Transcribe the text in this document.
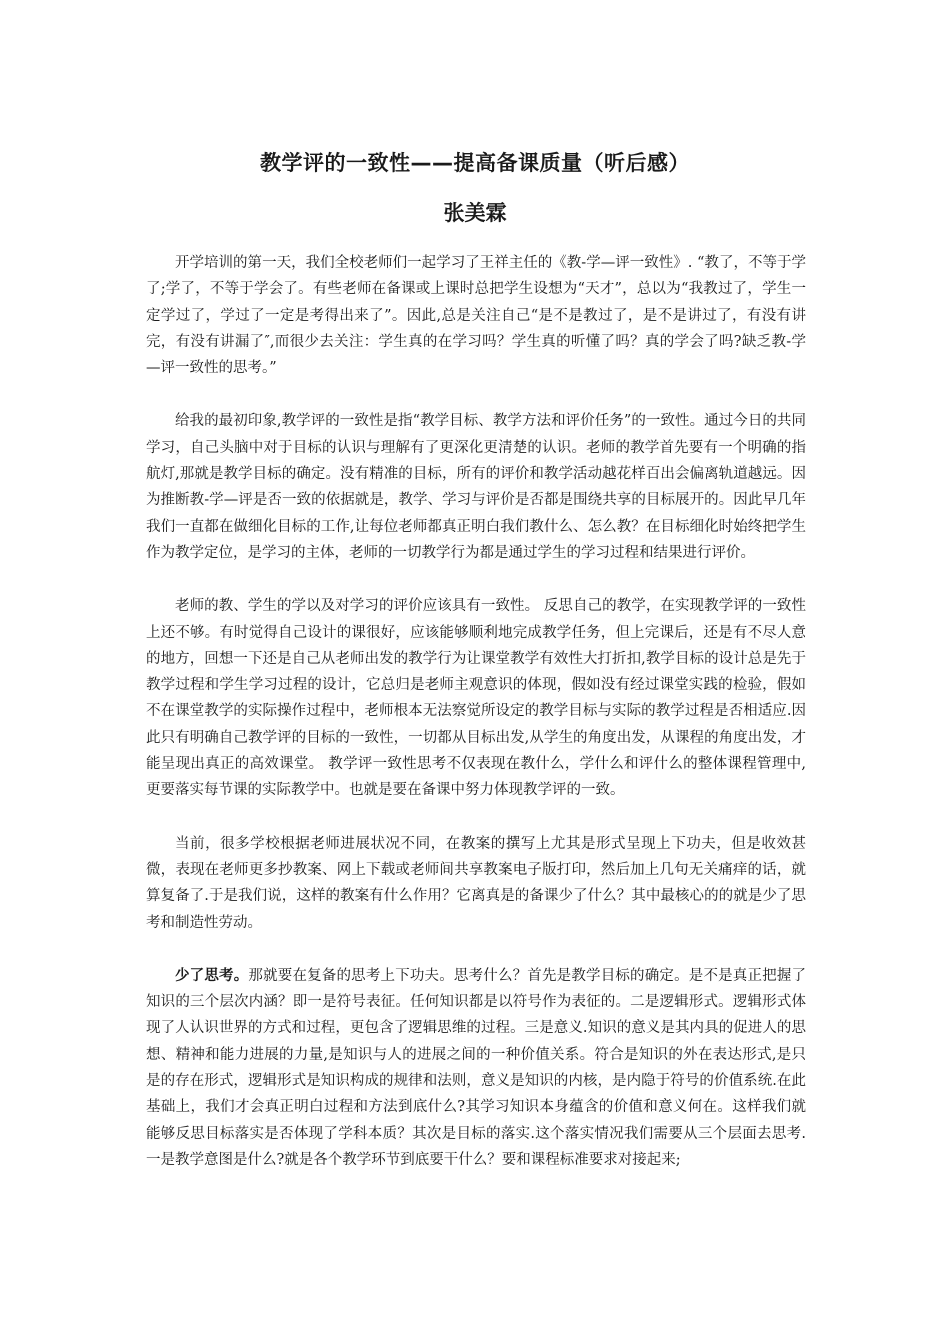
教学评的一致性——提高备课质量（听后感）
张美霖

开学培训的第一天，我们全校老师们一起学习了王祥主任的《教-学—评一致性》. “教了，不等于学了;学了，不等于学会了。有些老师在备课或上课时总把学生设想为“天才”，总以为“我教过了，学生一定学过了，学过了一定是考得出来了”。因此,总是关注自己“是不是教过了，是不是讲过了，有没有讲完，有没有讲漏了″,而很少去关注：学生真的在学习吗？学生真的听懂了吗？真的学会了吗?缺乏教-学—评一致性的思考。”

给我的最初印象,教学评的一致性是指“教学目标、教学方法和评价任务”的一致性。通过今日的共同学习，自己头脑中对于目标的认识与理解有了更深化更清楚的认识。老师的教学首先要有一个明确的指航灯,那就是教学目标的确定。没有精准的目标，所有的评价和教学活动越花样百出会偏离轨道越远。因为推断教-学—评是否一致的依据就是，教学、学习与评价是否都是围绕共享的目标展开的。因此早几年我们一直都在做细化目标的工作,让每位老师都真正明白我们教什么、怎么教？在目标细化时始终把学生作为教学定位，是学习的主体，老师的一切教学行为都是通过学生的学习过程和结果进行评价。

老师的教、学生的学以及对学习的评价应该具有一致性。 反思自己的教学，在实现教学评的一致性上还不够。有时觉得自己设计的课很好，应该能够顺利地完成教学任务，但上完课后，还是有不尽人意的地方，回想一下还是自己从老师出发的教学行为让课堂教学有效性大打折扣,教学目标的设计总是先于教学过程和学生学习过程的设计，它总归是老师主观意识的体现，假如没有经过课堂实践的检验，假如不在课堂教学的实际操作过程中，老师根本无法察觉所设定的教学目标与实际的教学过程是否相适应.因此只有明确自己教学评的目标的一致性，一切都从目标出发,从学生的角度出发，从课程的角度出发，才能呈现出真正的高效课堂。 教学评一致性思考不仅表现在教什么，学什么和评什么的整体课程管理中,更要落实每节课的实际教学中。也就是要在备课中努力体现教学评的一致。

当前，很多学校根据老师进展状况不同，在教案的撰写上尤其是形式呈现上下功夫，但是收效甚微，表现在老师更多抄教案、网上下载或老师间共享教案电子版打印，然后加上几句无关痛痒的话，就算复备了.于是我们说，这样的教案有什么作用？它离真是的备课少了什么？其中最核心的的就是少了思考和制造性劳动。

少了思考。那就要在复备的思考上下功夫。思考什么？首先是教学目标的确定。是不是真正把握了知识的三个层次内涵？即一是符号表征。任何知识都是以符号作为表征的。二是逻辑形式。逻辑形式体现了人认识世界的方式和过程，更包含了逻辑思维的过程。三是意义.知识的意义是其内具的促进人的思想、精神和能力进展的力量,是知识与人的进展之间的一种价值关系。符合是知识的外在表达形式,是只是的存在形式，逻辑形式是知识构成的规律和法则，意义是知识的内核，是内隐于符号的价值系统.在此基础上，我们才会真正明白过程和方法到底什么?其学习知识本身蕴含的价值和意义何在。这样我们就能够反思目标落实是否体现了学科本质？其次是目标的落实.这个落实情况我们需要从三个层面去思考.一是教学意图是什么?就是各个教学环节到底要干什么？要和课程标准要求对接起来;
